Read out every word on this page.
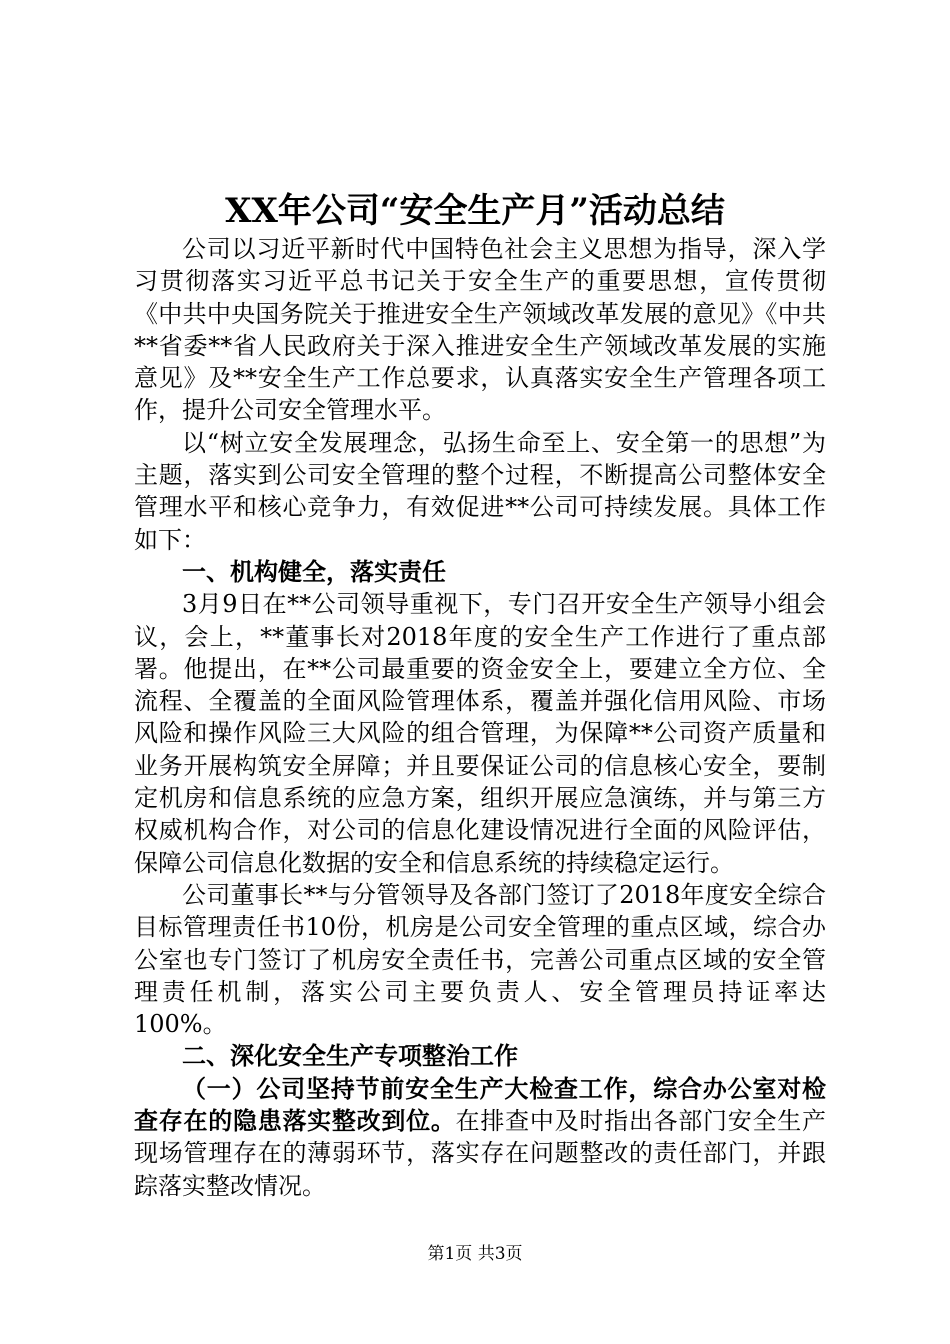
XX年公司“安全生产月”活动总结

公司以习近平新时代中国特色社会主义思想为指导，深入学习贯彻落实习近平总书记关于安全生产的重要思想，宣传贯彻《中共中央国务院关于推进安全生产领域改革发展的意见》《中共**省委**省人民政府关于深入推进安全生产领域改革发展的实施意见》及**安全生产工作总要求，认真落实安全生产管理各项工作，提升公司安全管理水平。

以“树立安全发展理念，弘扬生命至上、安全第一的思想”为主题，落实到公司安全管理的整个过程，不断提高公司整体安全管理水平和核心竞争力，有效促进**公司可持续发展。具体工作如下：

一、机构健全，落实责任

3月9日在**公司领导重视下，专门召开安全生产领导小组会议，会上，**董事长对2018年度的安全生产工作进行了重点部署。他提出，在**公司最重要的资金安全上，要建立全方位、全流程、全覆盖的全面风险管理体系，覆盖并强化信用风险、市场风险和操作风险三大风险的组合管理，为保障**公司资产质量和业务开展构筑安全屏障；并且要保证公司的信息核心安全，要制定机房和信息系统的应急方案，组织开展应急演练，并与第三方权威机构合作，对公司的信息化建设情况进行全面的风险评估，保障公司信息化数据的安全和信息系统的持续稳定运行。

公司董事长**与分管领导及各部门签订了2018年度安全综合目标管理责任书10份，机房是公司安全管理的重点区域，综合办公室也专门签订了机房安全责任书，完善公司重点区域的安全管理责任机制，落实公司主要负责人、安全管理员持证率达100%。

二、深化安全生产专项整治工作

（一）公司坚持节前安全生产大检查工作，综合办公室对检查存在的隐患落实整改到位。在排查中及时指出各部门安全生产现场管理存在的薄弱环节，落实存在问题整改的责任部门，并跟踪落实整改情况。

第1页 共3页
